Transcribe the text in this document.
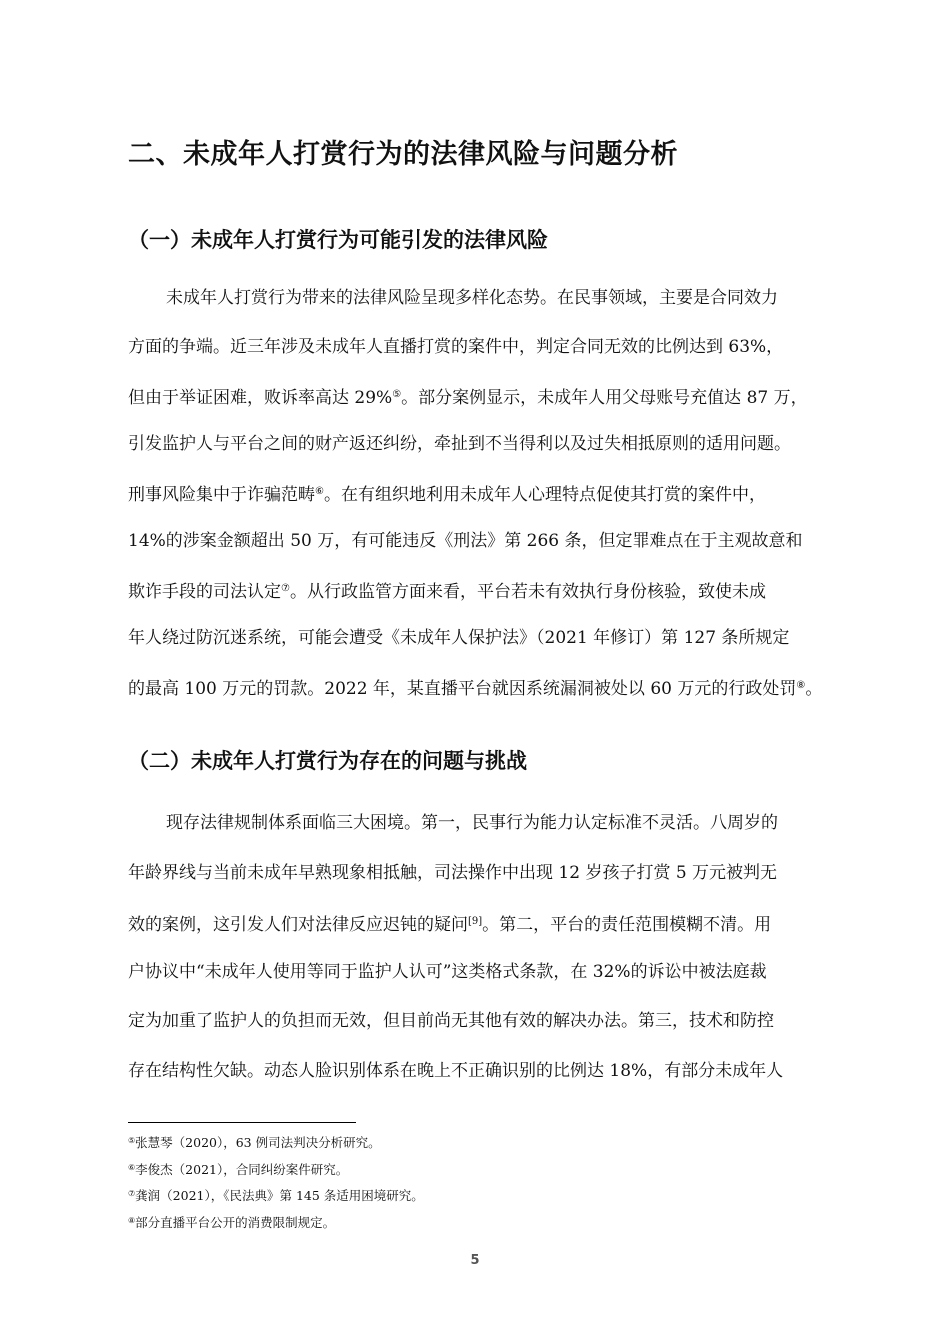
二、未成年人打赏行为的法律风险与问题分析
（一）未成年人打赏行为可能引发的法律风险
未成年人打赏行为带来的法律风险呈现多样化态势。在民事领域，主要是合同效力
方面的争端。近三年涉及未成年人直播打赏的案件中，判定合同无效的比例达到 63%，
但由于举证困难，败诉率高达 29%⑤。部分案例显示，未成年人用父母账号充值达 87 万，
引发监护人与平台之间的财产返还纠纷，牵扯到不当得利以及过失相抵原则的适用问题。
刑事风险集中于诈骗范畴⑥。在有组织地利用未成年人心理特点促使其打赏的案件中，
14%的涉案金额超出 50 万，有可能违反《刑法》第 266 条，但定罪难点在于主观故意和
欺诈手段的司法认定⑦。从行政监管方面来看，平台若未有效执行身份核验，致使未成
年人绕过防沉迷系统，可能会遭受《未成年人保护法》（2021 年修订）第 127 条所规定
的最高 100 万元的罚款。2022 年，某直播平台就因系统漏洞被处以 60 万元的行政处罚⑧。
（二）未成年人打赏行为存在的问题与挑战
现存法律规制体系面临三大困境。第一，民事行为能力认定标准不灵活。八周岁的
年龄界线与当前未成年早熟现象相抵触，司法操作中出现 12 岁孩子打赏 5 万元被判无
效的案例，这引发人们对法律反应迟钝的疑问[9]。第二，平台的责任范围模糊不清。用
户协议中“未成年人使用等同于监护人认可”这类格式条款，在 32%的诉讼中被法庭裁
定为加重了监护人的负担而无效，但目前尚无其他有效的解决办法。第三，技术和防控
存在结构性欠缺。动态人脸识别体系在晚上不正确识别的比例达 18%，有部分未成年人
⑤张慧琴（2020），63 例司法判决分析研究。
⑥李俊杰（2021），合同纠纷案件研究。
⑦龚润（2021），《民法典》第 145 条适用困境研究。
⑧部分直播平台公开的消费限制规定。
5
